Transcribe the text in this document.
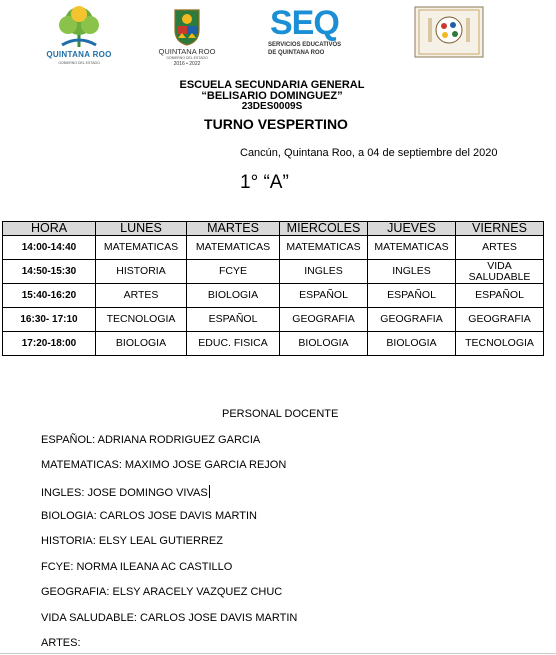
QUINTANA ROO
GOBIERNO DEL ESTADO
QUINTANA ROO
GOBIERNO DEL ESTADO
2016 • 2022
SEQ
SERVICIOS EDUCATIVOS
DE QUINTANA ROO
ESCUELA SECUNDARIA GENERAL
“BELISARIO DOMINGUEZ”
23DES0009S
TURNO VESPERTINO
Cancún, Quintana Roo, a 04 de septiembre del 2020
1° “A”
HORA	LUNES	MARTES	MIERCOLES	JUEVES	VIERNES
14:00-14:40	MATEMATICAS	MATEMATICAS	MATEMATICAS	MATEMATICAS	ARTES
14:50-15:30	HISTORIA	FCYE	INGLES	INGLES	VIDA SALUDABLE
15:40-16:20	ARTES	BIOLOGIA	ESPAÑOL	ESPAÑOL	ESPAÑOL
16:30- 17:10	TECNOLOGIA	ESPAÑOL	GEOGRAFIA	GEOGRAFIA	GEOGRAFIA
17:20-18:00	BIOLOGIA	EDUC. FISICA	BIOLOGIA	BIOLOGIA	TECNOLOGIA
PERSONAL DOCENTE
ESPAÑOL: ADRIANA RODRIGUEZ GARCIA
MATEMATICAS: MAXIMO JOSE GARCIA REJON
INGLES: JOSE DOMINGO VIVAS
BIOLOGIA: CARLOS JOSE DAVIS MARTIN
HISTORIA: ELSY LEAL GUTIERREZ
FCYE: NORMA ILEANA AC CASTILLO
GEOGRAFIA: ELSY ARACELY VAZQUEZ CHUC
VIDA SALUDABLE: CARLOS JOSE DAVIS MARTIN
ARTES:
